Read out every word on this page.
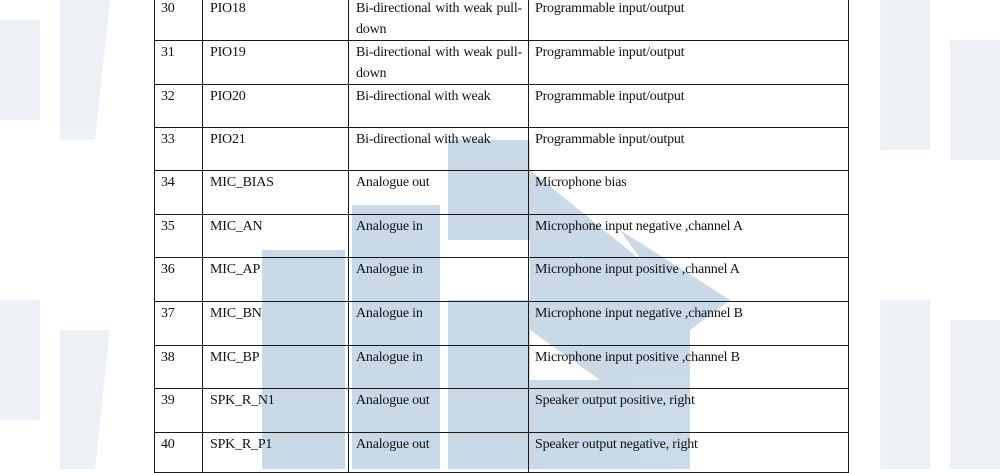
30	PIO18	Bi-directional with weak pull-down	Programmable input/output
31	PIO19	Bi-directional with weak pull-down	Programmable input/output
32	PIO20	Bi-directional with weak	Programmable input/output
33	PIO21	Bi-directional with weak	Programmable input/output
34	MIC_BIAS	Analogue out	Microphone bias
35	MIC_AN	Analogue in	Microphone input negative ,channel A
36	MIC_AP	Analogue in	Microphone input positive ,channel A
37	MIC_BN	Analogue in	Microphone input negative ,channel B
38	MIC_BP	Analogue in	Microphone input positive ,channel B
39	SPK_R_N1	Analogue out	Speaker output positive, right
40	SPK_R_P1	Analogue out	Speaker output negative, right
